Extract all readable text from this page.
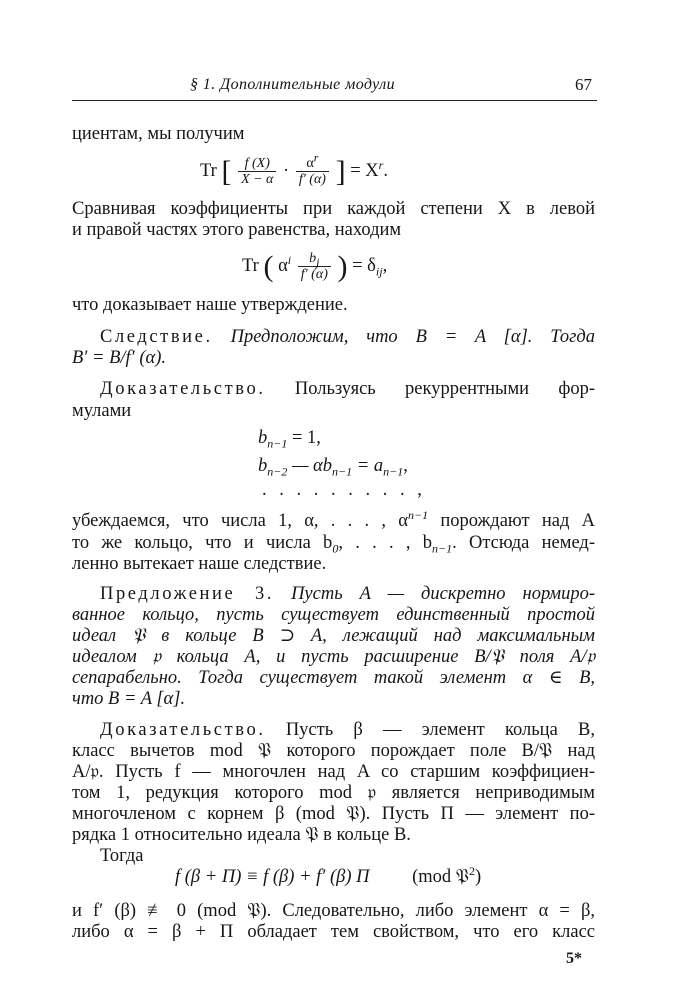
§ 1. Дополнительные модули	67
циентам, мы получим
Tr [ $\frac{f (X)}{X - \alpha} \cdot \frac{\alpha^r}{f' (\alpha)}$ ] = $X^r$.
Сравнивая коэффициенты при каждой степени X в левой
и правой частях этого равенства, находим
Tr ( $\alpha^i \frac{b_j}{f' (\alpha)}$ ) = $\delta_{ij}$,
что доказывает наше утверждение.
Следствие. Предположим, что B = A [α]. Тогда
B′ = B/f′ (α).
Доказательство. Пользуясь рекуррентными фор-
мулами
$b_{n-1} = 1$,
$b_{n-2}$ — $\alpha b_{n-1} = a_{n-1}$,
. . . . . . . . . ,
убеждаемся, что числа 1, α, . . . , $\alpha^{n-1}$ порождают над A
то же кольцо, что и числа $b_0$, . . . , $b_{n-1}$. Отсюда немед-
ленно вытекает наше следствие.
Предложение 3. Пусть A — дискретно нормиро-
ванное кольцо, пусть существует единственный простой
идеал 𝔓 в кольце B ⊃ A, лежащий над максимальным
идеалом 𝔭 кольца A, и пусть расширение B/𝔓 поля A/𝔭
сепарабельно. Тогда существует такой элемент α ∈ B,
что B = A [α].
Доказательство. Пусть β — элемент кольца B,
класс вычетов mod 𝔓 которого порождает поле B/𝔓 над
A/𝔭. Пусть f — многочлен над A со старшим коэффициен-
том 1, редукция которого mod 𝔭 является неприводимым
многочленом с корнем β (mod 𝔓). Пусть Π — элемент по-
рядка 1 относительно идеала 𝔓 в кольце B.
Тогда
f (β + Π) ≡ f (β) + f′ (β) Π (mod 𝔓$^2$)
и f′ (β) ≢ 0 (mod 𝔓). Следовательно, либо элемент α = β,
либо α = β + Π обладает тем свойством, что его класс
5*
